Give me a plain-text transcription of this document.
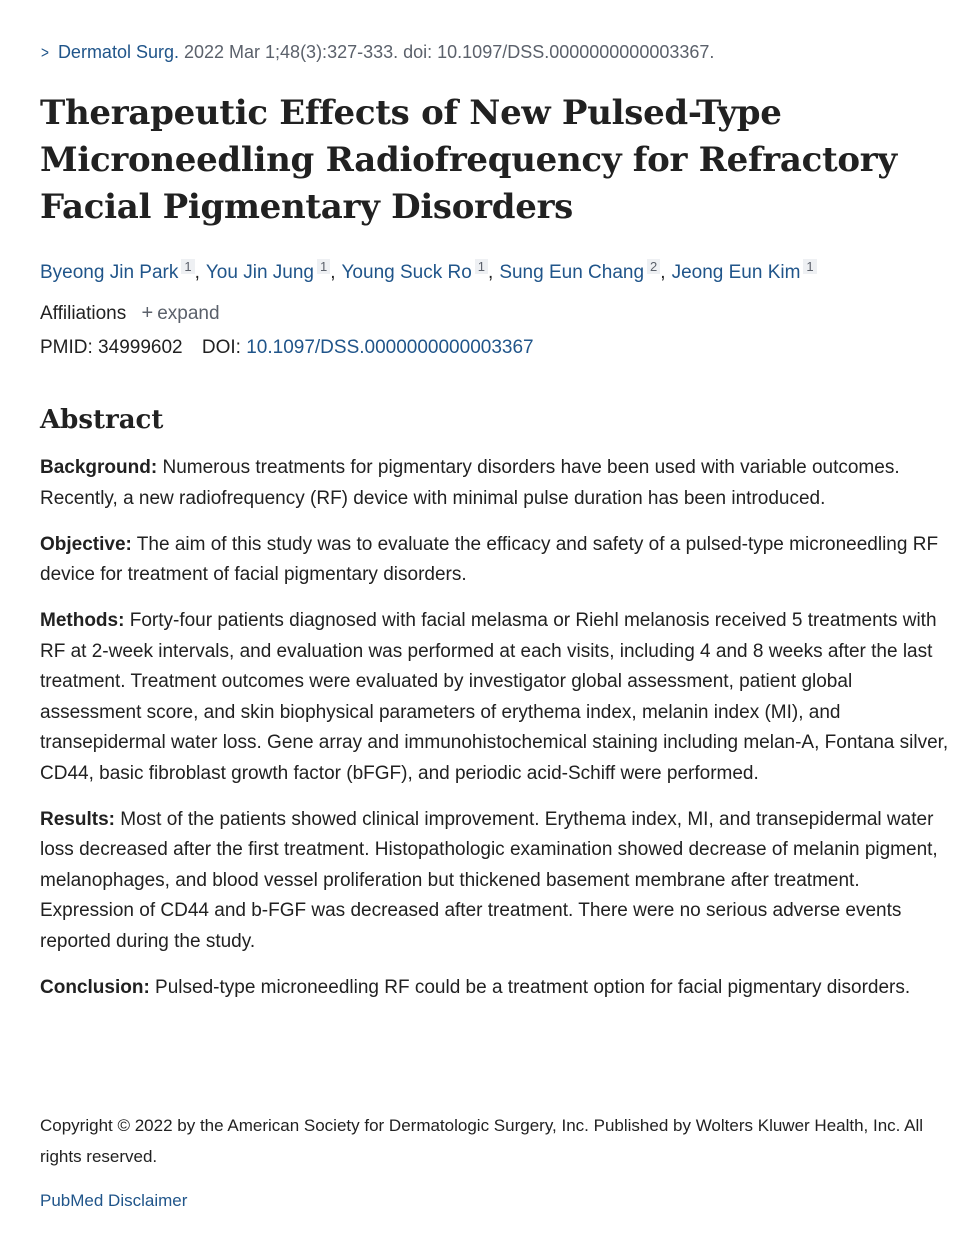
> Dermatol Surg. 2022 Mar 1;48(3):327-333. doi: 10.1097/DSS.0000000000003367.
Therapeutic Effects of New Pulsed-Type Microneedling Radiofrequency for Refractory Facial Pigmentary Disorders
Byeong Jin Park $^1$ , You Jin Jung $^1$ , Young Suck Ro $^1$ , Sung Eun Chang $^2$ , Jeong Eun Kim $^1$
Affiliations + expand
PMID: 34999602 DOI: 10.1097/DSS.0000000000003367
Abstract

Background: Numerous treatments for pigmentary disorders have been used with variable outcomes. Recently, a new radiofrequency (RF) device with minimal pulse duration has been introduced.

Objective: The aim of this study was to evaluate the efficacy and safety of a pulsed-type microneedling RF device for treatment of facial pigmentary disorders.

Methods: Forty-four patients diagnosed with facial melasma or Riehl melanosis received 5 treatments with RF at 2-week intervals, and evaluation was performed at each visits, including 4 and 8 weeks after the last treatment. Treatment outcomes were evaluated by investigator global assessment, patient global assessment score, and skin biophysical parameters of erythema index, melanin index (MI), and transepidermal water loss. Gene array and immunohistochemical staining including melan-A, Fontana silver, CD44, basic fibroblast growth factor (bFGF), and periodic acid-Schiff were performed.

Results: Most of the patients showed clinical improvement. Erythema index, MI, and transepidermal water loss decreased after the first treatment. Histopathologic examination showed decrease of melanin pigment, melanophages, and blood vessel proliferation but thickened basement membrane after treatment. Expression of CD44 and b-FGF was decreased after treatment. There were no serious adverse events reported during the study.

Conclusion: Pulsed-type microneedling RF could be a treatment option for facial pigmentary disorders.

Copyright © 2022 by the American Society for Dermatologic Surgery, Inc. Published by Wolters Kluwer Health, Inc. All rights reserved.
PubMed Disclaimer
